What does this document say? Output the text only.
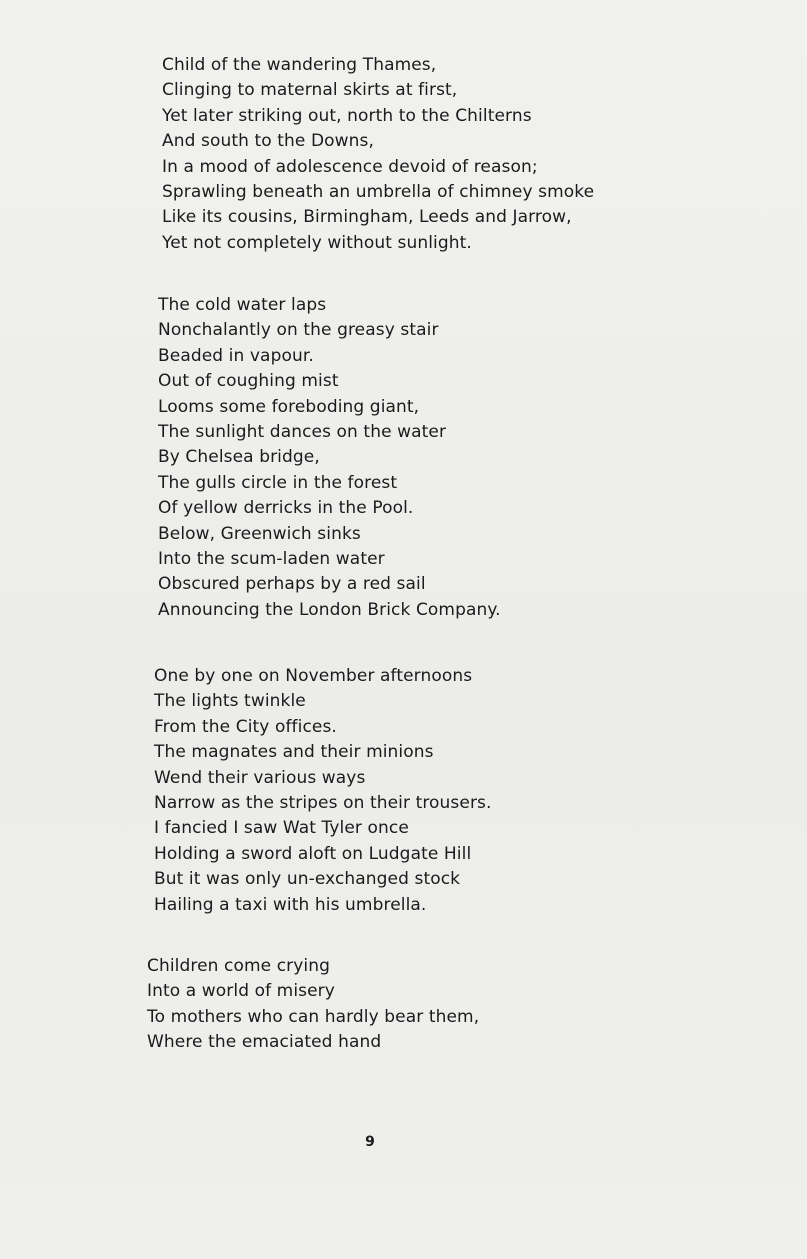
Child of the wandering Thames,
Clinging to maternal skirts at first,
Yet later striking out, north to the Chilterns
And south to the Downs,
In a mood of adolescence devoid of reason;
Sprawling beneath an umbrella of chimney smoke
Like its cousins, Birmingham, Leeds and Jarrow,
Yet not completely without sunlight.
The cold water laps
Nonchalantly on the greasy stair
Beaded in vapour.
Out of coughing mist
Looms some foreboding giant,
The sunlight dances on the water
By Chelsea bridge,
The gulls circle in the forest
Of yellow derricks in the Pool.
Below, Greenwich sinks
Into the scum-laden water
Obscured perhaps by a red sail
Announcing the London Brick Company.
One by one on November afternoons
The lights twinkle
From the City offices.
The magnates and their minions
Wend their various ways
Narrow as the stripes on their trousers.
I fancied I saw Wat Tyler once
Holding a sword aloft on Ludgate Hill
But it was only un-exchanged stock
Hailing a taxi with his umbrella.
Children come crying
Into a world of misery
To mothers who can hardly bear them,
Where the emaciated hand
9
